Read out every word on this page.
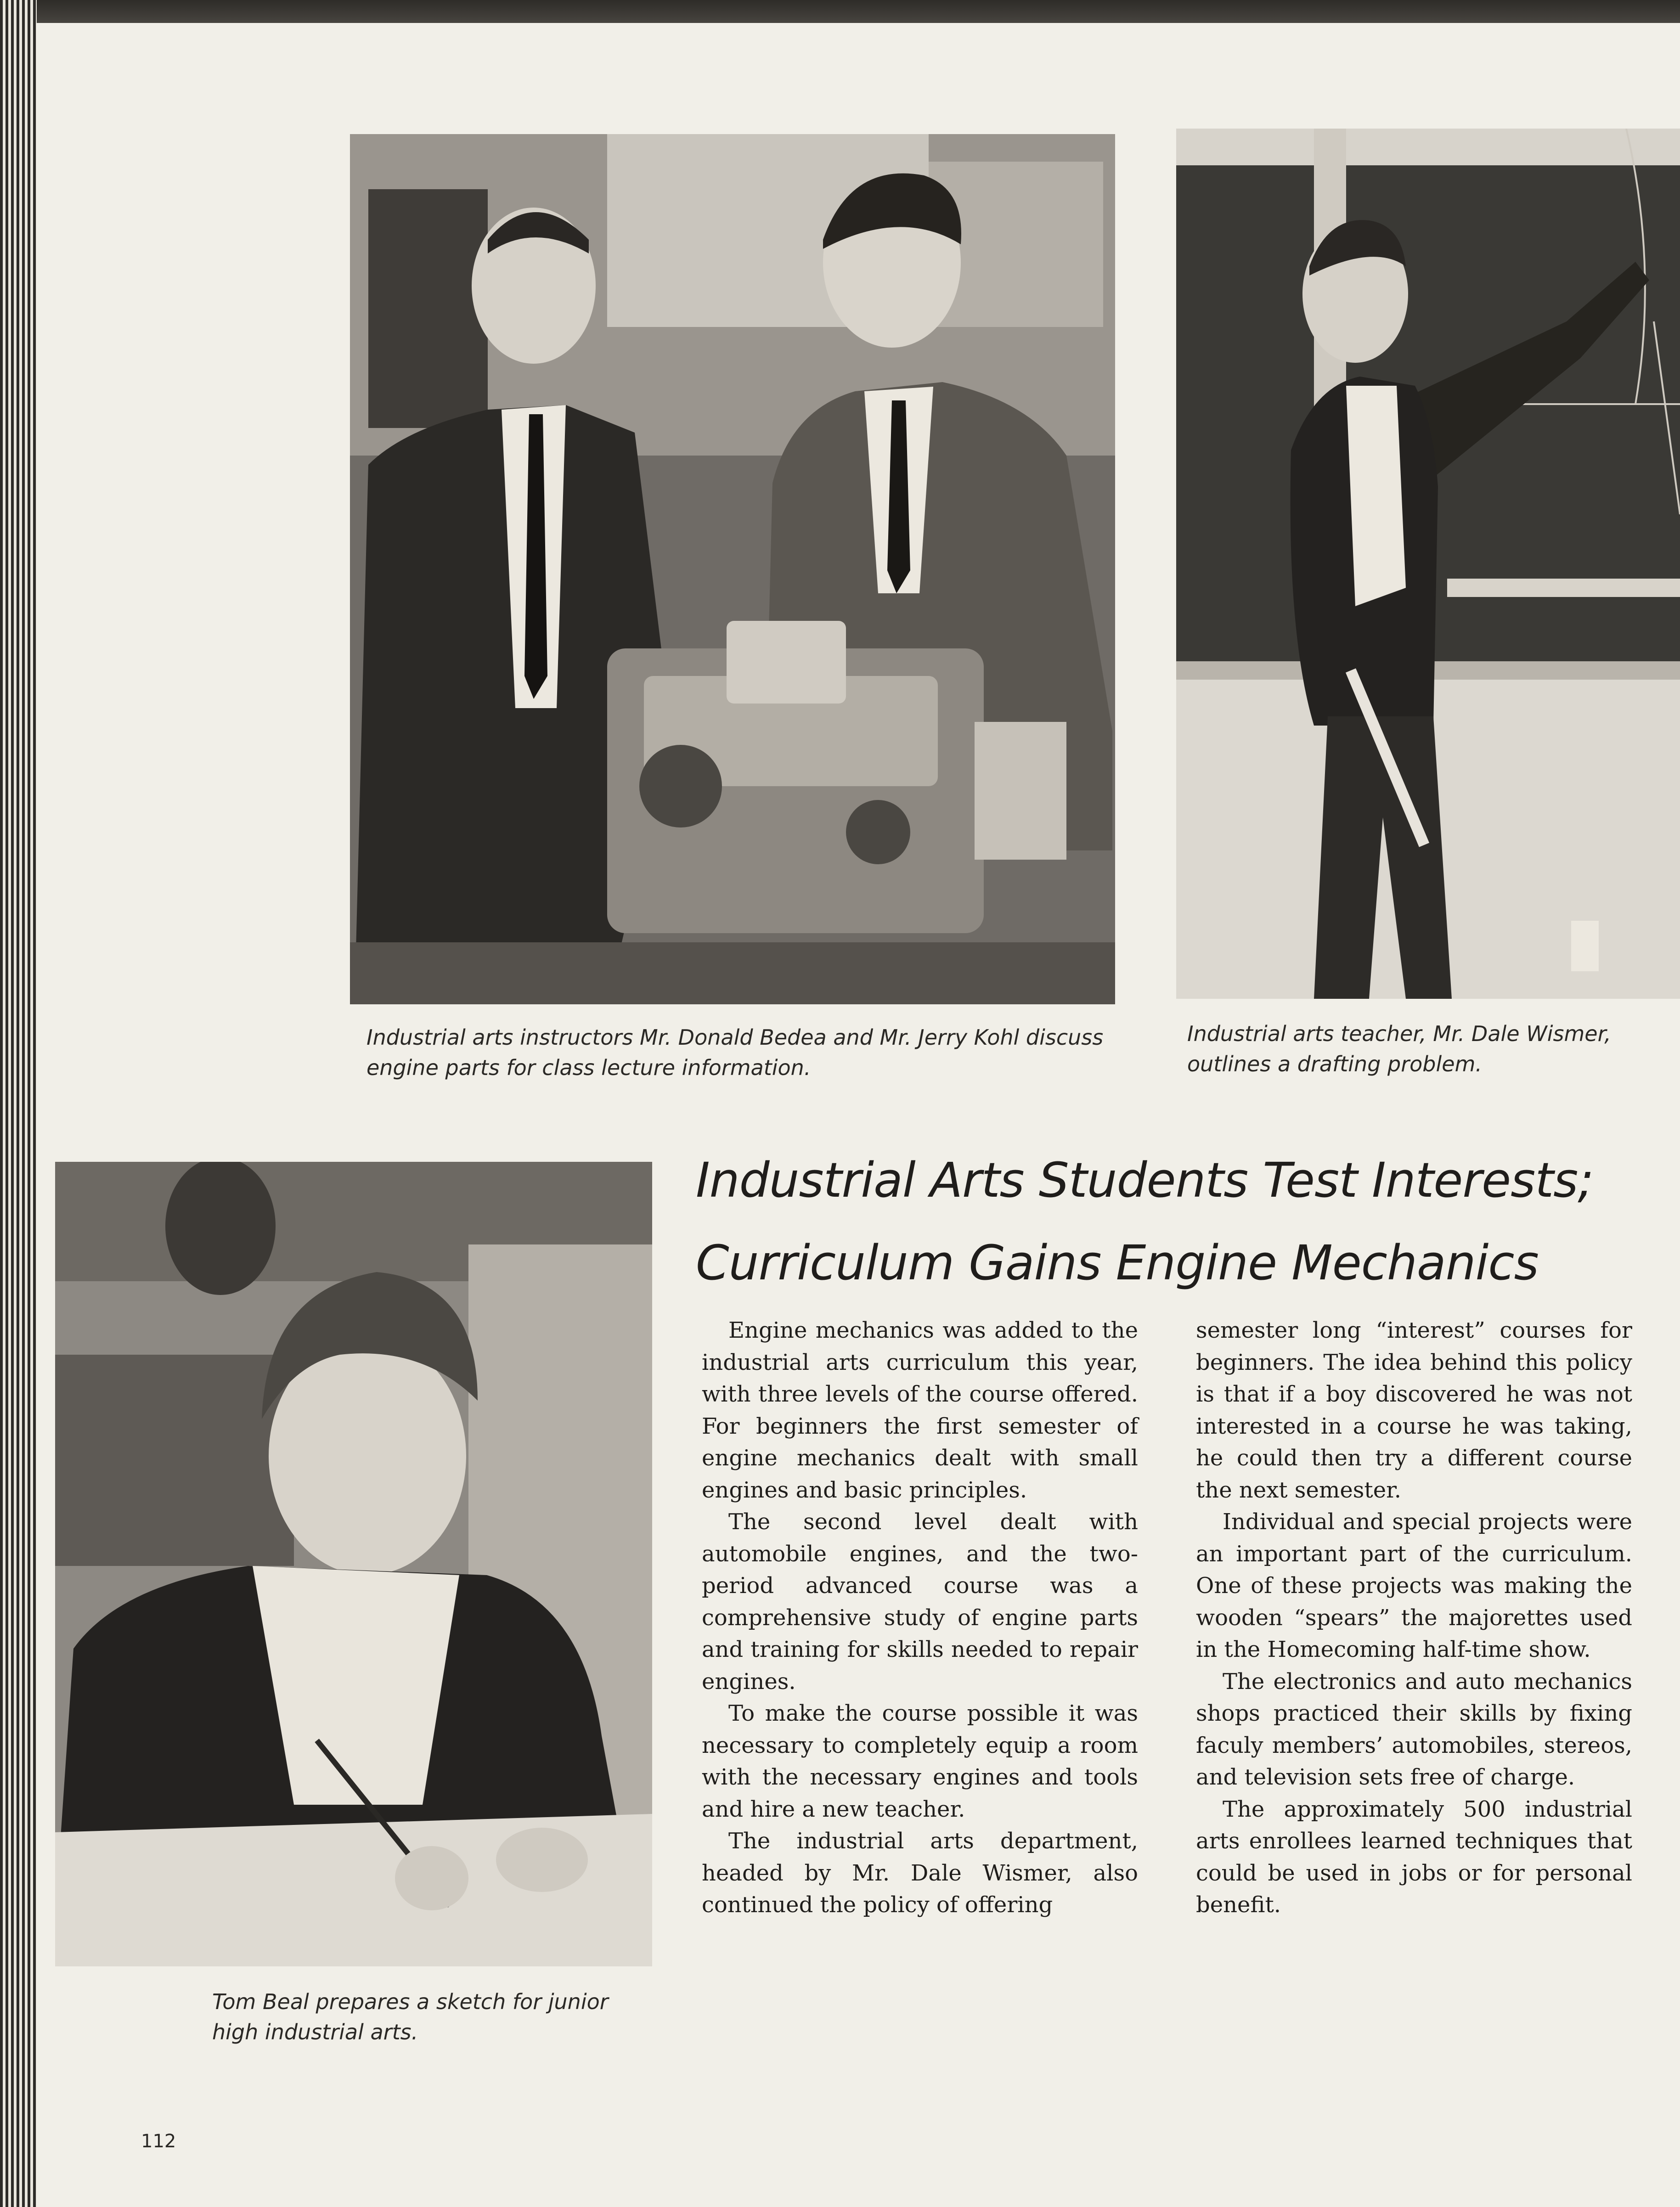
Industrial arts instructors Mr. Donald Bedea and Mr. Jerry Kohl discuss engine parts for class lecture information.

Industrial arts teacher, Mr. Dale Wismer, outlines a drafting problem.

Tom Beal prepares a sketch for junior high industrial arts.

Industrial Arts Students Test Interests;
Curriculum Gains Engine Mechanics

Engine mechanics was added to the industrial arts curriculum this year, with three levels of the course offered. For beginners the first semester of engine mechanics dealt with small engines and basic principles.

The second level dealt with automobile engines, and the two-period advanced course was a comprehensive study of engine parts and training for skills needed to repair engines.

To make the course possible it was necessary to completely equip a room with the necessary engines and tools and hire a new teacher.

The industrial arts department, headed by Mr. Dale Wismer, also continued the policy of offering

semester long “interest” courses for beginners. The idea behind this policy is that if a boy discovered he was not interested in a course he was taking, he could then try a different course the next semester.

Individual and special projects were an important part of the curriculum. One of these projects was making the wooden “spears” the majorettes used in the Homecoming half-time show.

The electronics and auto mechanics shops practiced their skills by fixing faculy members’ automobiles, stereos, and television sets free of charge.

The approximately 500 industrial arts enrollees learned techniques that could be used in jobs or for personal benefit.

112
